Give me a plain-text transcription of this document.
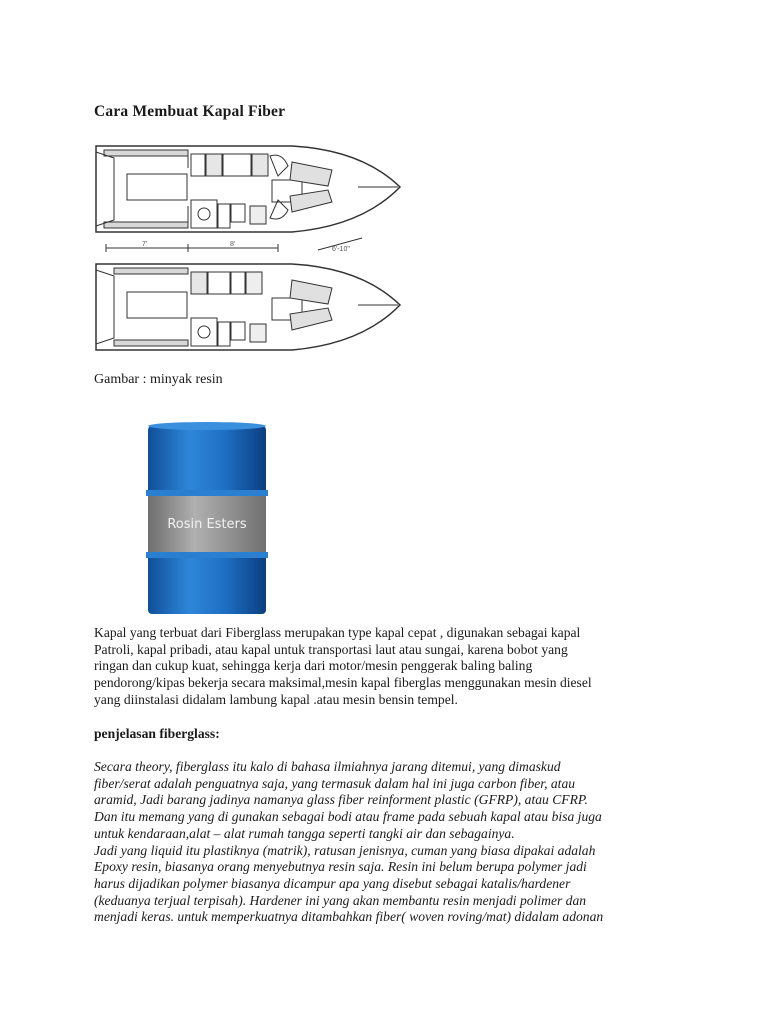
Cara Membuat Kapal Fiber
7'	8'
6'-10"
Gambar : minyak resin
Rosin Esters
Kapal yang terbuat dari Fiberglass merupakan type kapal cepat , digunakan sebagai kapal
Patroli, kapal pribadi, atau kapal untuk transportasi laut atau sungai, karena bobot yang
ringan dan cukup kuat, sehingga kerja dari motor/mesin penggerak baling baling
pendorong/kipas bekerja secara maksimal,mesin kapal fiberglas menggunakan mesin diesel
yang diinstalasi didalam lambung kapal .atau mesin bensin tempel.
penjelasan fiberglass:
Secara theory, fiberglass itu kalo di bahasa ilmiahnya jarang ditemui, yang dimaskud
fiber/serat adalah penguatnya saja, yang termasuk dalam hal ini juga carbon fiber, atau
aramid, Jadi barang jadinya namanya glass fiber reinforment plastic (GFRP), atau CFRP.
Dan itu memang yang di gunakan sebagai bodi atau frame pada sebuah kapal atau bisa juga
untuk kendaraan,alat – alat rumah tangga seperti tangki air dan sebagainya.
Jadi yang liquid itu plastiknya (matrik), ratusan jenisnya, cuman yang biasa dipakai adalah
Epoxy resin, biasanya orang menyebutnya resin saja. Resin ini belum berupa polymer jadi
harus dijadikan polymer biasanya dicampur apa yang disebut sebagai katalis/hardener
(keduanya terjual terpisah). Hardener ini yang akan membantu resin menjadi polimer dan
menjadi keras. untuk memperkuatnya ditambahkan fiber( woven roving/mat) didalam adonan
